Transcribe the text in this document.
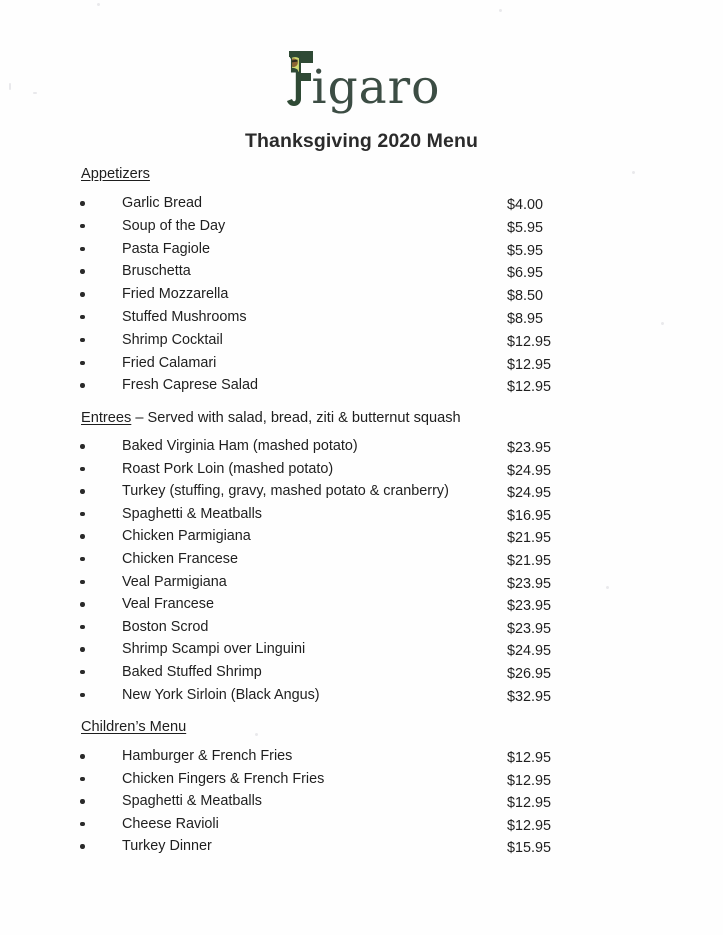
igaro
Thanksgiving 2020 Menu
Appetizers
Garlic Bread	$4.00
Soup of the Day	$5.95
Pasta Fagiole	$5.95
Bruschetta	$6.95
Fried Mozzarella	$8.50
Stuffed Mushrooms	$8.95
Shrimp Cocktail	$12.95
Fried Calamari	$12.95
Fresh Caprese Salad	$12.95
Entrees – Served with salad, bread, ziti & butternut squash
Baked Virginia Ham (mashed potato)	$23.95
Roast Pork Loin (mashed potato)	$24.95
Turkey (stuffing, gravy, mashed potato & cranberry)	$24.95
Spaghetti & Meatballs	$16.95
Chicken Parmigiana	$21.95
Chicken Francese	$21.95
Veal Parmigiana	$23.95
Veal Francese	$23.95
Boston Scrod	$23.95
Shrimp Scampi over Linguini	$24.95
Baked Stuffed Shrimp	$26.95
New York Sirloin (Black Angus)	$32.95
Children’s Menu
Hamburger & French Fries	$12.95
Chicken Fingers & French Fries	$12.95
Spaghetti & Meatballs	$12.95
Cheese Ravioli	$12.95
Turkey Dinner	$15.95
